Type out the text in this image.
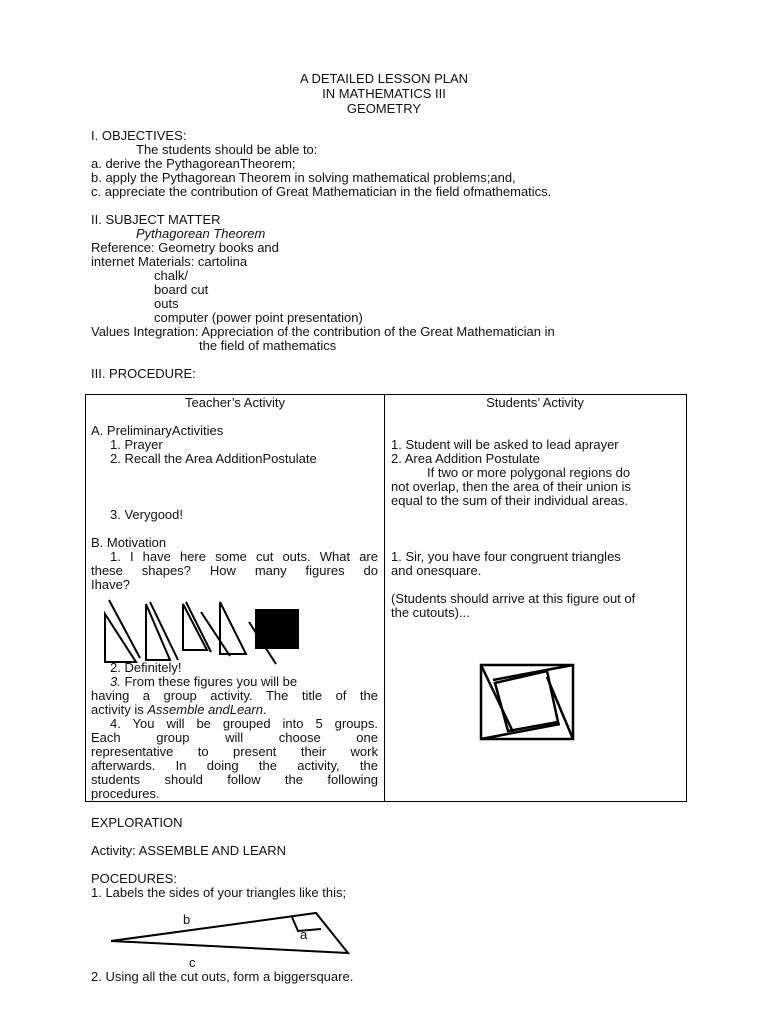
A DETAILED LESSON PLAN
IN MATHEMATICS III
GEOMETRY
I. OBJECTIVES:
The students should be able to:
a. derive the PythagoreanTheorem;
b. apply the Pythagorean Theorem in solving mathematical problems;and,
c. appreciate the contribution of Great Mathematician in the field ofmathematics.
II. SUBJECT MATTER
Pythagorean Theorem
Reference: Geometry books and
internet Materials: cartolina
chalk/
board cut
outs
computer (power point presentation)
Values Integration: Appreciation of the contribution of the Great Mathematician in
the field of mathematics
III. PROCEDURE:
Teacher’s Activity
A. PreliminaryActivities
1. Prayer
2. Recall the Area AdditionPostulate
3. Verygood!
B. Motivation
1. I have here some cut outs. What are
these shapes? How many figures do
Ihave?
2. Definitely!
3. From these figures you will be
having a group activity. The title of the
activity is Assemble andLearn.
4. You will be grouped into 5 groups.
Each group will choose one
representative to present their work
afterwards. In doing the activity, the
students should follow the following
procedures.
Students’ Activity
1. Student will be asked to lead aprayer
2. Area Addition Postulate
If two or more polygonal regions do
not overlap, then the area of their union is
equal to the sum of their individual areas.
1. Sir, you have four congruent triangles
and onesquare.
(Students should arrive at this figure out of
the cutouts)...
EXPLORATION
Activity: ASSEMBLE AND LEARN
POCEDURES:
1. Labels the sides of your triangles like this;
b
a
c
2. Using all the cut outs, form a biggersquare.
